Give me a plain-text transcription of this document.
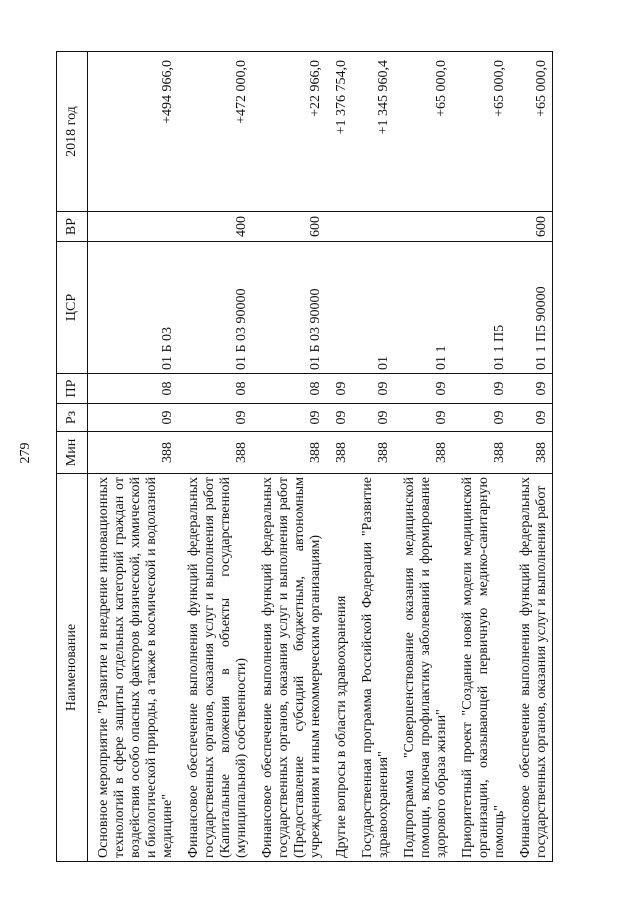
279
Наименование	Мин	Рз	ПР	ЦСР	ВР	2018 год
Основное мероприятие "Развитие и внедрение инновационных технологий в сфере защиты отдельных категорий граждан от воздействия особо опасных факторов физической, химической и биологической природы, а также в космической и водолазной медицине"	388	09	08	01 Б 03		+494 966,0
Финансовое обеспечение выполнения функций федеральных государственных органов, оказания услуг и выполнения работ (Капитальные вложения в объекты государственной (муниципальной) собственности)	388	09	08	01 Б 03 90000	400	+472 000,0
Финансовое обеспечение выполнения функций федеральных государственных органов, оказания услуг и выполнения работ (Предоставление субсидий бюджетным, автономным учреждениям и иным некоммерческим организациям)	388	09	08	01 Б 03 90000	600	+22 966,0
Другие вопросы в области здравоохранения	388	09	09			+1 376 754,0
Государственная программа Российской Федерации "Развитие здравоохранения"	388	09	09	01		+1 345 960,4
Подпрограмма "Совершенствование оказания медицинской помощи, включая профилактику заболеваний и формирование здорового образа жизни"	388	09	09	01 1		+65 000,0
Приоритетный проект "Создание новой модели медицинской организации, оказывающей первичную медико-санитарную помощь"	388	09	09	01 1 П5		+65 000,0
Финансовое обеспечение выполнения функций федеральных государственных органов, оказания услуг и выполнения работ	388	09	09	01 1 П5 90000	600	+65 000,0
